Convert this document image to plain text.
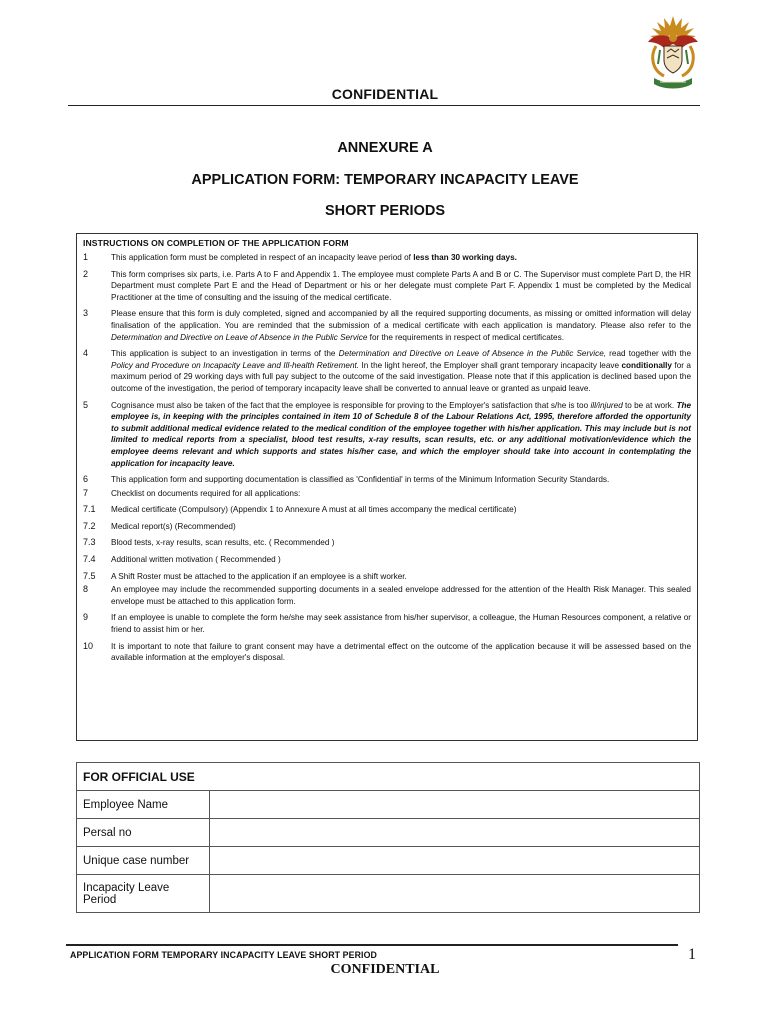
CONFIDENTIAL
ANNEXURE A
APPLICATION FORM: TEMPORARY INCAPACITY LEAVE
SHORT PERIODS
INSTRUCTIONS ON COMPLETION OF THE APPLICATION FORM
1	This application form must be completed in respect of an incapacity leave period of less than 30 working days.
2	This form comprises six parts, i.e. Parts A to F and Appendix 1. The employee must complete Parts A and B or C. The Supervisor must complete Part D, the HR Department must complete Part E and the Head of Department or his or her delegate must complete Part F. Appendix 1 must be completed by the Medical Practitioner at the time of consulting and the issuing of the medical certificate.
3	Please ensure that this form is duly completed, signed and accompanied by all the required supporting documents, as missing or omitted information will delay finalisation of the application. You are reminded that the submission of a medical certificate with each application is mandatory. Please also refer to the Determination and Directive on Leave of Absence in the Public Service for the requirements in respect of medical certificates.
4	This application is subject to an investigation in terms of the Determination and Directive on Leave of Absence in the Public Service, read together with the Policy and Procedure on Incapacity Leave and Ill-health Retirement. In the light hereof, the Employer shall grant temporary incapacity leave conditionally for a maximum period of 29 working days with full pay subject to the outcome of the said investigation. Please note that if this application is declined based upon the outcome of the investigation, the period of temporary incapacity leave shall be converted to annual leave or granted as unpaid leave.
5	Cognisance must also be taken of the fact that the employee is responsible for proving to the Employer's satisfaction that s/he is too ill/injured to be at work. The employee is, in keeping with the principles contained in item 10 of Schedule 8 of the Labour Relations Act, 1995, therefore afforded the opportunity to submit additional medical evidence related to the medical condition of the employee together with his/her application. This may include but is not limited to medical reports from a specialist, blood test results, x-ray results, scan results, etc. or any additional motivation/evidence which the employee deems relevant and which supports and states his/her case, and which the employer should take into account in contemplating the application for incapacity leave.
6	This application form and supporting documentation is classified as 'Confidential' in terms of the Minimum Information Security Standards.
7	Checklist on documents required for all applications:
7.1	Medical certificate (Compulsory) (Appendix 1 to Annexure A must at all times accompany the medical certificate)
7.2	Medical report(s) (Recommended)
7.3	Blood tests, x-ray results, scan results, etc. ( Recommended )
7.4	Additional written motivation ( Recommended )
7.5	A Shift Roster must be attached to the application if an employee is a shift worker.
8	An employee may include the recommended supporting documents in a sealed envelope addressed for the attention of the Health Risk Manager. This sealed envelope must be attached to this application form.
9	If an employee is unable to complete the form he/she may seek assistance from his/her supervisor, a colleague, the Human Resources component, a relative or friend to assist him or her.
10	It is important to note that failure to grant consent may have a detrimental effect on the outcome of the application because it will be assessed based on the available information at the employer's disposal.
FOR OFFICIAL USE	
Employee Name	
Persal no	
Unique case number	
Incapacity Leave Period	
APPLICATION FORM TEMPORARY INCAPACITY LEAVE SHORT PERIOD	1
CONFIDENTIAL
